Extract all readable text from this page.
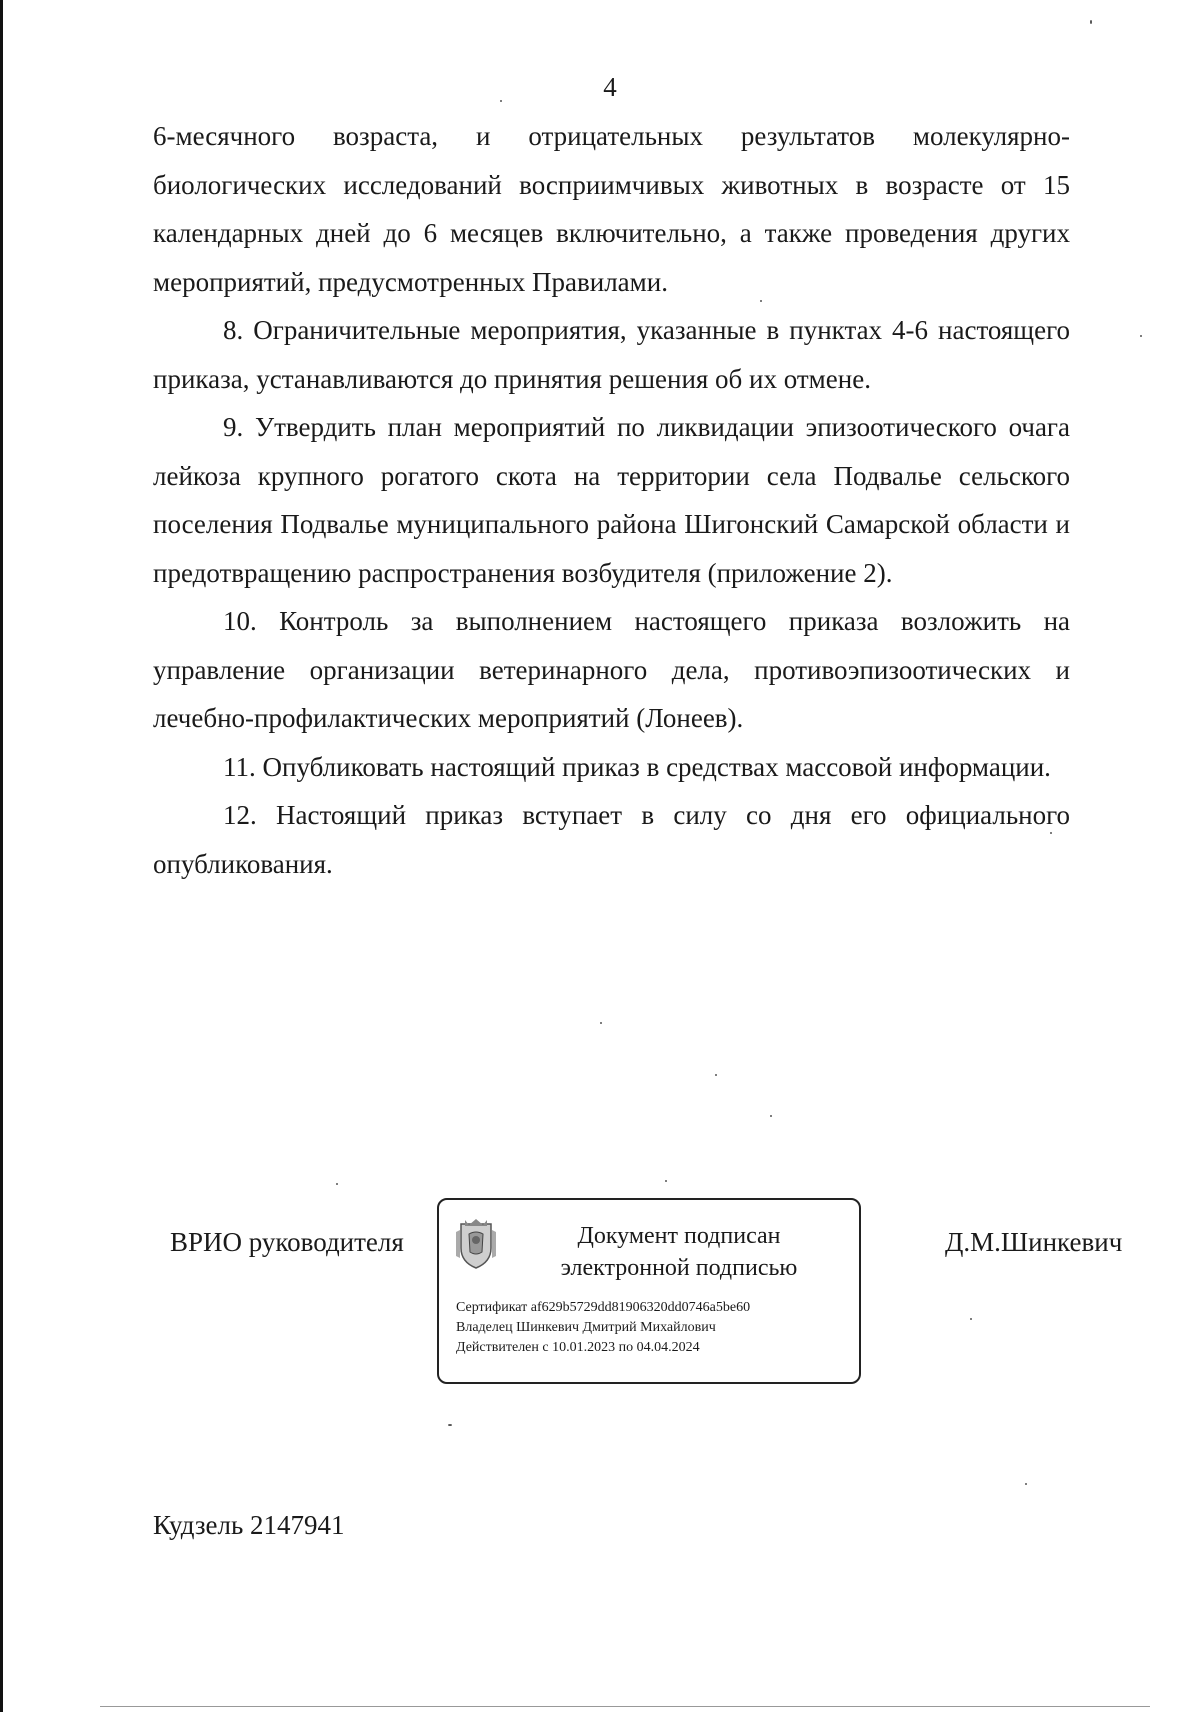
4

6-месячного возраста, и отрицательных результатов молекулярно-биологических исследований восприимчивых животных в возрасте от 15 календарных дней до 6 месяцев включительно, а также проведения других мероприятий, предусмотренных Правилами.

8. Ограничительные мероприятия, указанные в пунктах 4-6 настоящего приказа, устанавливаются до принятия решения об их отмене.

9. Утвердить план мероприятий по ликвидации эпизоотического очага лейкоза крупного рогатого скота на территории села Подвалье сельского поселения Подвалье муниципального района Шигонский Самарской области и предотвращению распространения возбудителя (приложение 2).

10. Контроль за выполнением настоящего приказа возложить на управление организации ветеринарного дела, противоэпизоотических и лечебно-профилактических мероприятий (Лонеев).

11. Опубликовать настоящий приказ в средствах массовой информации.

12. Настоящий приказ вступает в силу со дня его официального опубликования.

ВРИО руководителя	Документ подписан
электронной подписью
Сертификат af629b5729dd81906320dd0746a5be60
Владелец Шинкевич Дмитрий Михайлович
Действителен с 10.01.2023 по 04.04.2024
Д.М.Шинкевич
Кудзель 2147941
